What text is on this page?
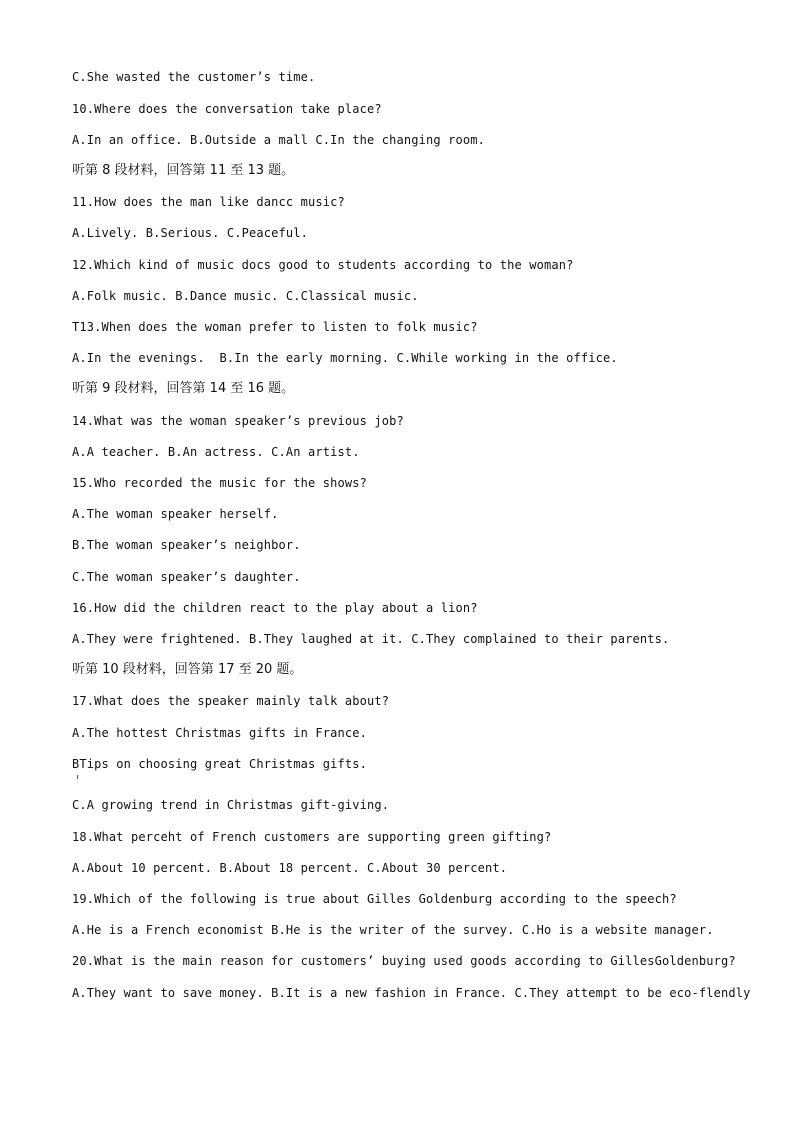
C.She wasted the customer’s time.

10.Where does the conversation take place?

A.In an office. B.Outside a mall C.In the changing room.

听第 8 段材料，回答第 11 至 13 题。

11.How does the man like dancc music?

A.Lively. B.Serious. C.Peaceful.

12.Which kind of music docs good to students according to the woman?

A.Folk music. B.Dance music. C.Classical music.

T13.When does the woman prefer to listen to folk music?

A.In the evenings.  B.In the early morning. C.While working in the office.

听第 9 段材料，回答第 14 至 16 题。

14.What was the woman speaker’s previous job?

A.A teacher. B.An actress. C.An artist.

15.Who recorded the music for the shows?

A.The woman speaker herself.

B.The woman speaker’s neighbor.

C.The woman speaker’s daughter.

16.How did the children react to the play about a lion?

A.They were frightened. B.They laughed at it. C.They complained to their parents.

听第 10 段材料，回答第 17 至 20 题。

17.What does the speaker mainly talk about?

A.The hottest Christmas gifts in France.

BTips on choosing great Christmas gifts.

C.A growing trend in Christmas gift-giving.

18.What perceht of French customers are supporting green gifting?

A.About 10 percent. B.About 18 percent. C.About 30 percent.

19.Which of the following is true about Gilles Goldenburg according to the speech?

A.He is a French economist B.He is the writer of the survey. C.Ho is a website manager.

20.What is the main reason for customers’ buying used goods according to GillesGoldenburg?

A.They want to save money. B.It is a new fashion in France. C.They attempt to be eco-flendly
